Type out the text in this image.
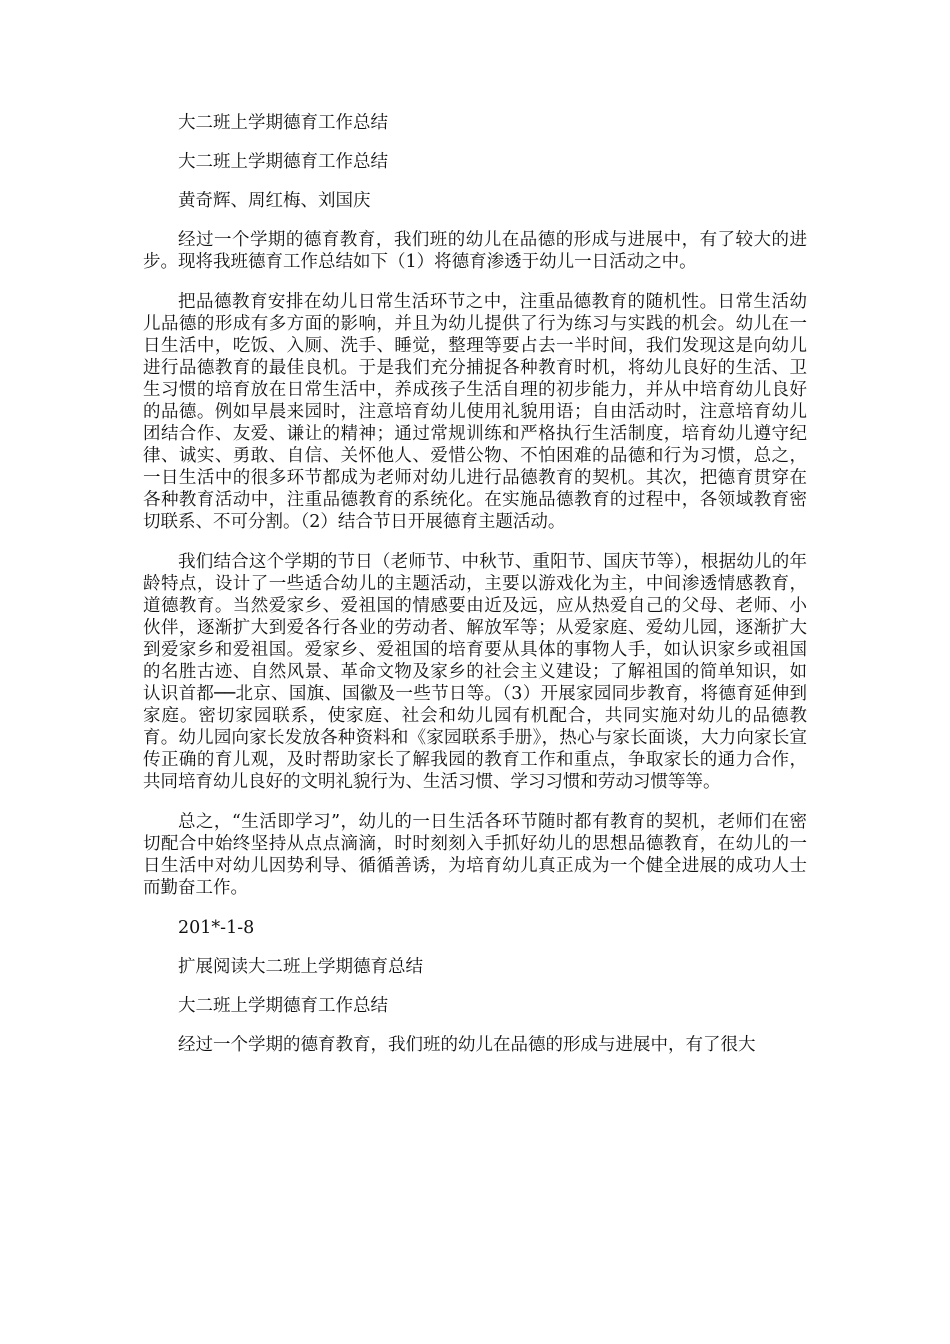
大二班上学期德育工作总结

大二班上学期德育工作总结

黄奇辉、周红梅、刘国庆

经过一个学期的德育教育，我们班的幼儿在品德的形成与进展中，有了较大的进步。现将我班德育工作总结如下（1）将德育渗透于幼儿一日活动之中。

把品德教育安排在幼儿日常生活环节之中，注重品德教育的随机性。日常生活幼儿品德的形成有多方面的影响，并且为幼儿提供了行为练习与实践的机会。幼儿在一日生活中，吃饭、入厕、洗手、睡觉，整理等要占去一半时间，我们发现这是向幼儿进行品德教育的最佳良机。于是我们充分捕捉各种教育时机，将幼儿良好的生活、卫生习惯的培育放在日常生活中，养成孩子生活自理的初步能力，并从中培育幼儿良好的品德。例如早晨来园时，注意培育幼儿使用礼貌用语；自由活动时，注意培育幼儿团结合作、友爱、谦让的精神；通过常规训练和严格执行生活制度，培育幼儿遵守纪律、诚实、勇敢、自信、关怀他人、爱惜公物、不怕困难的品德和行为习惯，总之，一日生活中的很多环节都成为老师对幼儿进行品德教育的契机。其次，把德育贯穿在各种教育活动中，注重品德教育的系统化。在实施品德教育的过程中，各领域教育密切联系、不可分割。（2）结合节日开展德育主题活动。

我们结合这个学期的节日（老师节、中秋节、重阳节、国庆节等），根据幼儿的年龄特点，设计了一些适合幼儿的主题活动，主要以游戏化为主，中间渗透情感教育，道德教育。当然爱家乡、爱祖国的情感要由近及远，应从热爱自己的父母、老师、小伙伴，逐渐扩大到爱各行各业的劳动者、解放军等；从爱家庭、爱幼儿园，逐渐扩大到爱家乡和爱祖国。爱家乡、爱祖国的培育要从具体的事物人手，如认识家乡或祖国的名胜古迹、自然风景、革命文物及家乡的社会主义建设；了解祖国的简单知识，如认识首都──北京、国旗、国徽及一些节日等。（3）开展家园同步教育，将德育延伸到家庭。密切家园联系，使家庭、社会和幼儿园有机配合，共同实施对幼儿的品德教育。幼儿园向家长发放各种资料和《家园联系手册》，热心与家长面谈，大力向家长宣传正确的育儿观，及时帮助家长了解我园的教育工作和重点，争取家长的通力合作，共同培育幼儿良好的文明礼貌行为、生活习惯、学习习惯和劳动习惯等等。

总之，“生活即学习”，幼儿的一日生活各环节随时都有教育的契机，老师们在密切配合中始终坚持从点点滴滴，时时刻刻入手抓好幼儿的思想品德教育，在幼儿的一日生活中对幼儿因势利导、循循善诱，为培育幼儿真正成为一个健全进展的成功人士而勤奋工作。

201*-1-8

扩展阅读大二班上学期德育总结

大二班上学期德育工作总结

经过一个学期的德育教育，我们班的幼儿在品德的形成与进展中，有了很大
